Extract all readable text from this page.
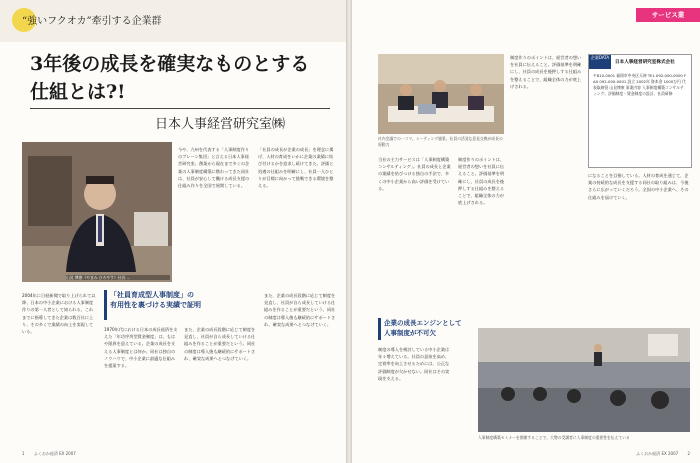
“強いフクオカ”牽引する企業群
3年後の成長を確実なものとする
仕組とは?!
日本人事経営研究室㈱
山見 博康（やまみ ひろやす）社長 …
今や、九州を代表する「人事制度作りのブレーン集団」と言える日本人事経営研究室。創業から現在まで多くの企業の人事制度構築に携わってきた同社は、社員が安心して働ける成長支援の仕組み作りを全国で展開している。
「社員の成長が企業の成長」を理念に掲げ、人材の育成をいかに企業の業績に結び付けるかを追求し続けてきた。評価と処遇の仕組みを明確にし、社員一人ひとりが目標に向かって挑戦できる環境を整える。
2004年に日経新聞で取り上げられて以降、日本の中小企業における人事制度作りの第一人者として知られる。これまでに指導してきた企業は数百社に上り、その多くで業績の向上を実現している。
「社員育成型人事制度」の
有用性を裏づける実績で証明
1970年代における日本の成長経済を支えた「年功序列型賃金制度」は、もはや限界を迎えている。企業の成長を支える人事制度とは何か。同社は独自のノウハウで、中小企業に最適な仕組みを提案する。
また、企業の成長段階に応じて制度を見直し、社員が自ら成長していける仕組みを作ることが重要だという。同社の制度は導入後も継続的にサポートされ、確実な成果へとつなげていく。
また、企業の成長段階に応じて制度を見直し、社員が自ら成長していける仕組みを作ることが重要だという。同社の制度は導入後も継続的にサポートされ、確実な成果へとつなげていく。
1 ふくおか経済 EX 2007
サービス業
社内会議での一コマ。ミーティング風景。社員の活発な意見交換が成長の原動力
当社の主力サービスは「人事制度構築コンサルティング」。社員の成長と企業の業績を結びつける独自の手法で、多くの中小企業から高い評価を受けている。
制度作りのポイントは、経営者の想いを社員に伝えること。評価基準を明確にし、社員の成長を後押しする仕組みを整えることで、組織全体の力が底上げされる。
制度作りのポイントは、経営者の想いを社員に伝えること。評価基準を明確にし、社員の成長を後押しする仕組みを整えることで、組織全体の力が底上げされる。
企業DATA
日本人事経営研究室株式会社
〒810-0001 福岡市中央区天神 TEL 092-000-0000 FAX 092-000-0001 設立 2002年 資本金 1000万円 代表取締役 山見博康 事業内容 人事制度構築コンサルティング、評価制度・賃金制度の設計、社員研修
になることを目指している。人材の育成を通じて、企業の持続的な成長を支援する同社の取り組みは、今後さらに広がっていくだろう。全国の中小企業へ、その仕組みを届けていく。
企業の成長エンジンとして
人事制度が不可欠
制度の導入を検討している中小企業は年々増えている。社員の意欲を高め、定着率を向上させるためには、公正な評価制度が欠かせない。同社はその実現を支える。
人事制度構築セミナーを開催することで、大勢の受講者に人事制度の重要性を伝えている
ふくおか経済 EX 2007 2
